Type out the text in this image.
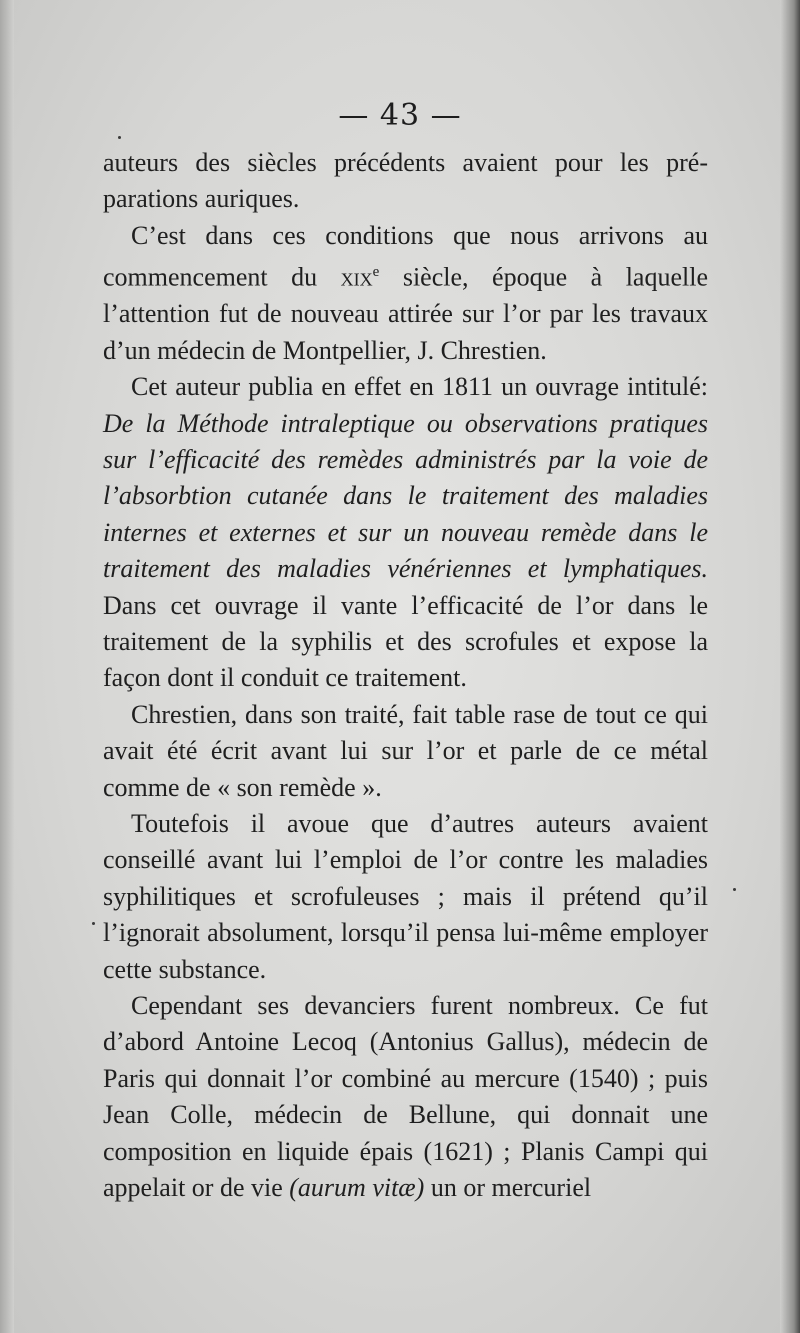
— 43 —

auteurs des siècles précédents avaient pour les préparations auriques.

C’est dans ces conditions que nous arrivons au commencement du xix$^e$ siècle, époque à laquelle l’attention fut de nouveau attirée sur l’or par les travaux d’un médecin de Montpellier, J. Chrestien.

Cet auteur publia en effet en 1811 un ouvrage intitulé: De la Méthode intraleptique ou observations pratiques sur l’efficacité des remèdes administrés par la voie de l’absorbtion cutanée dans le traitement des maladies internes et externes et sur un nouveau remède dans le traitement des maladies vénériennes et lymphatiques. Dans cet ouvrage il vante l’efficacité de l’or dans le traitement de la syphilis et des scrofules et expose la façon dont il conduit ce traitement.

Chrestien, dans son traité, fait table rase de tout ce qui avait été écrit avant lui sur l’or et parle de ce métal comme de « son remède ».

Toutefois il avoue que d’autres auteurs avaient conseillé avant lui l’emploi de l’or contre les maladies syphilitiques et scrofuleuses ; mais il prétend qu’il l’ignorait absolument, lorsqu’il pensa lui-même employer cette substance.

Cependant ses devanciers furent nombreux. Ce fut d’abord Antoine Lecoq (Antonius Gallus), médecin de Paris qui donnait l’or combiné au mercure (1540) ; puis Jean Colle, médecin de Bellune, qui donnait une composition en liquide épais (1621) ; Planis Campi qui appelait or de vie (aurum vitæ) un or mercuriel
